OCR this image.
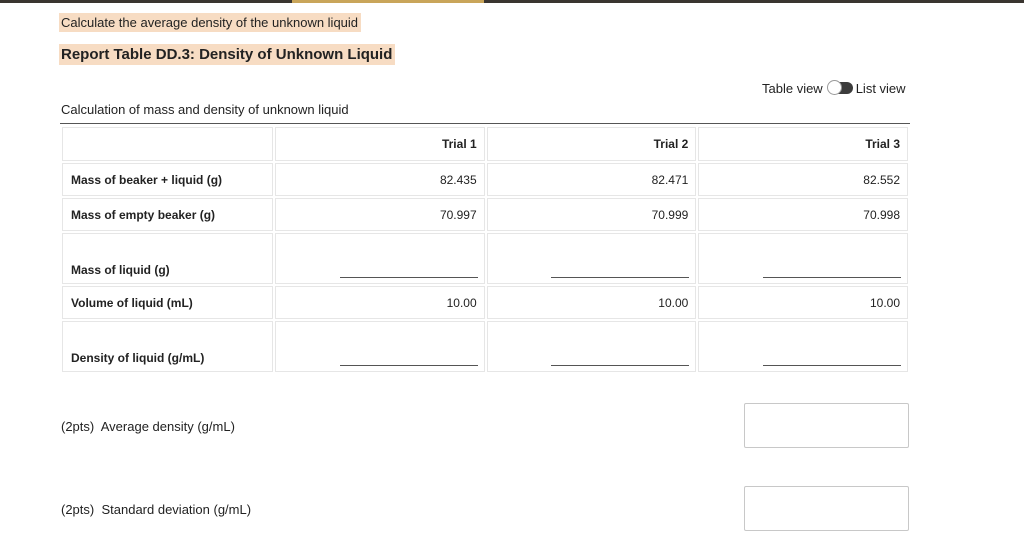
Calculate the average density of the unknown liquid
Report Table DD.3: Density of Unknown Liquid
Table view	List view
Calculation of mass and density of unknown liquid
	Trial 1	Trial 2	Trial 3
Mass of beaker + liquid (g)	82.435	82.471	82.552
Mass of empty beaker (g)	70.997	70.999	70.998
Mass of liquid (g)	

Volume of liquid (mL)	10.00	10.00	10.00
Density of liquid (g/mL)	

(2pts) Average density (g/mL)
(2pts) Standard deviation (g/mL)
